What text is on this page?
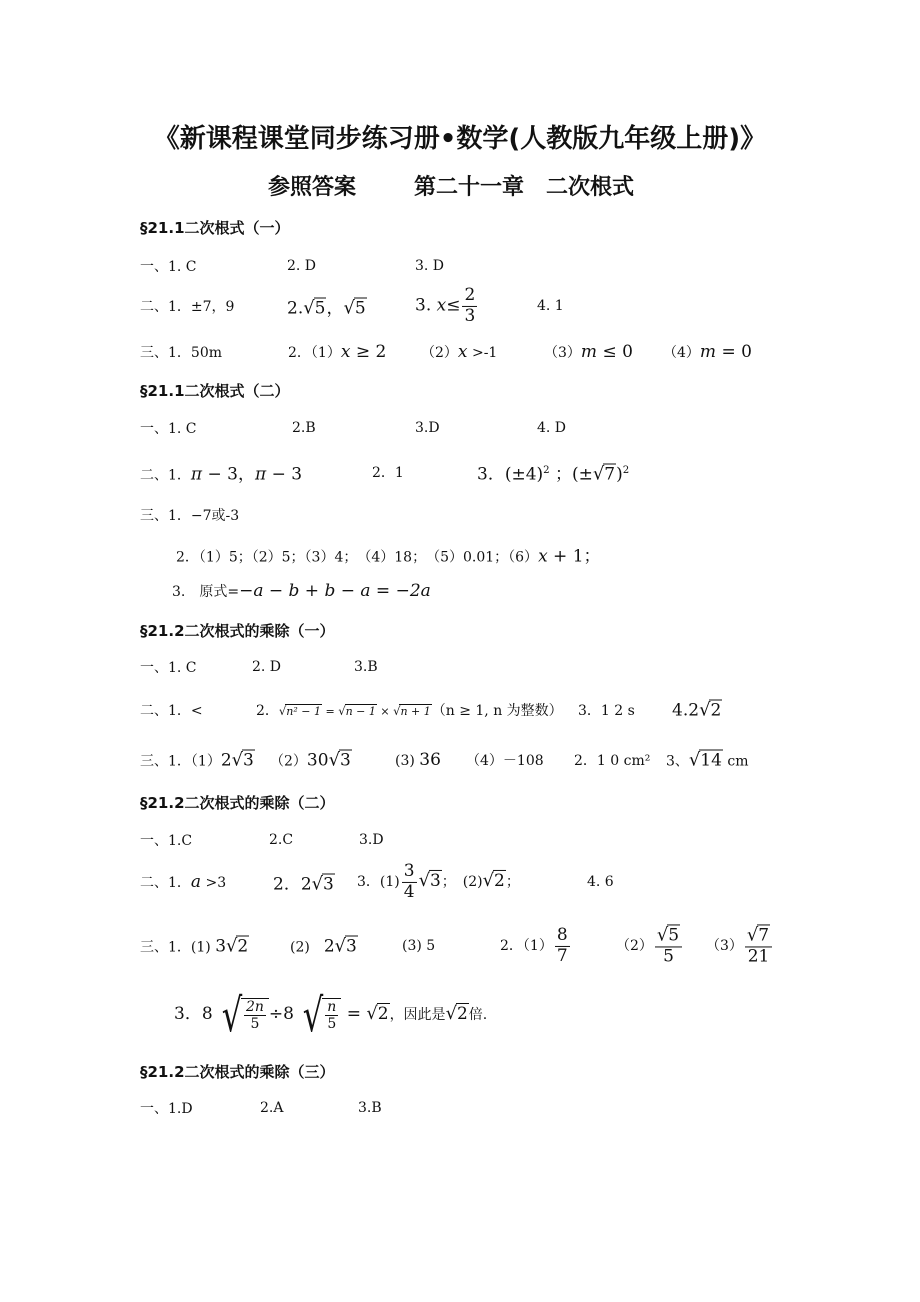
《新课程课堂同步练习册•数学(人教版九年级上册)》
参照答案	第二十一章　二次根式
§21.1二次根式（一）
一、1. C	2. D	3. D
二、1．±7，9	2.√5，√5	3. $x\le \frac{2}{3}$	4. 1
三、1．50m	2．（1）x ≥ 2 （2）x >-1	（3）m ≤ 0 （4）m = 0
§21.1二次根式（二）
一、1. C	2.B	3.D	4. D
二、1．π − 3，π − 3	2．1	3．$(\pm 4)^2$ ；$(\pm√7)^2$
三、1．−7或-3
2．（1）5；（2）5；（3）4；　（4）18；　（5）0.01；（6）x + 1；
3.　原式=−a − b + b − a = −2a
§21.2二次根式的乘除（一）
一、1. C	2. D	3.B
二、1．<	2．√n² − 1 = √n − 1 × √n + 1（n ≥ 1, n 为整数） 3．1 2 s 4.2√2
三、1．（1）2√3 （2）30√3	(3) 36 （4）－108 2．1 0 cm² 3、√14 cm
§21.2二次根式的乘除（二）
一、1.C	2.C	3.D
二、1．a >3	2．2√3 3．$(1) \frac{3}{4} √3$；　 (2)√2；	4. 6
三、1．(1) 3√2	(2)　 2√3	(3) 5	2．$(1) \frac{8}{7}$	$(2) \frac{√5}{5} (3) \frac{√7}{21}$
3．8 √ $\frac{2n}{5} \div 8$ √ $\frac{n}{5} = √2$，因此是√2倍.
§21.2二次根式的乘除（三）
一、1.D	2.A	3.B
